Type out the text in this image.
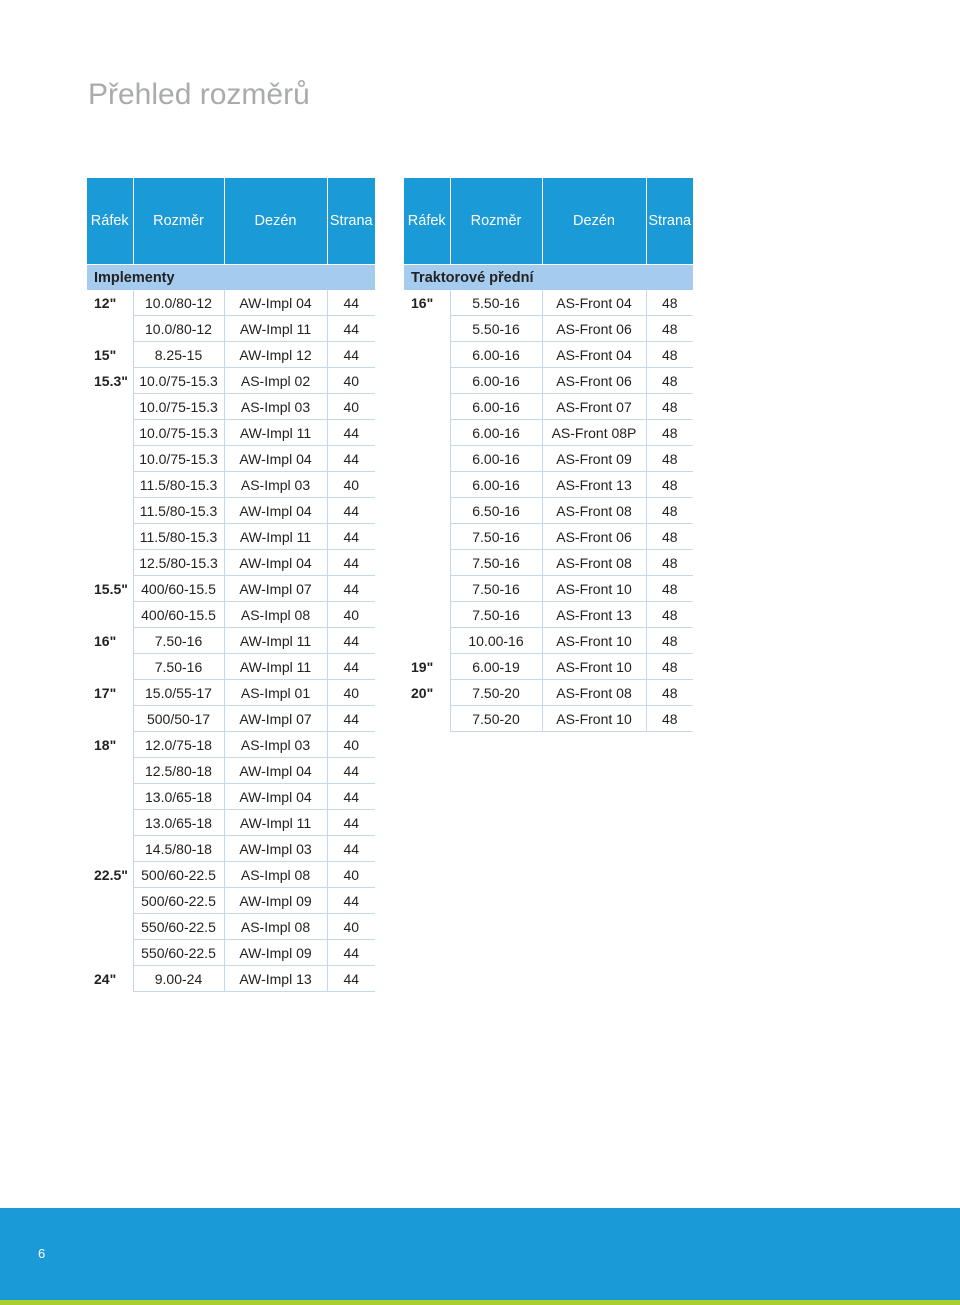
Přehled rozměrů
Ráfek	Rozměr	Dezén	Strana

Implementy			
12"	10.0/80-12	AW-Impl 04	44
	10.0/80-12	AW-Impl 11	44
15"	8.25-15	AW-Impl 12	44
15.3"	10.0/75-15.3	AS-Impl 02	40
	10.0/75-15.3	AS-Impl 03	40
	10.0/75-15.3	AW-Impl 11	44
	10.0/75-15.3	AW-Impl 04	44
	11.5/80-15.3	AS-Impl 03	40
	11.5/80-15.3	AW-Impl 04	44
	11.5/80-15.3	AW-Impl 11	44
	12.5/80-15.3	AW-Impl 04	44
15.5"	400/60-15.5	AW-Impl 07	44
	400/60-15.5	AS-Impl 08	40
16"	7.50-16	AW-Impl 11	44
	7.50-16	AW-Impl 11	44
17"	15.0/55-17	AS-Impl 01	40
	500/50-17	AW-Impl 07	44
18"	12.0/75-18	AS-Impl 03	40
	12.5/80-18	AW-Impl 04	44
	13.0/65-18	AW-Impl 04	44
	13.0/65-18	AW-Impl 11	44
	14.5/80-18	AW-Impl 03	44
22.5"	500/60-22.5	AS-Impl 08	40
	500/60-22.5	AW-Impl 09	44
	550/60-22.5	AS-Impl 08	40
	550/60-22.5	AW-Impl 09	44
24"	9.00-24	AW-Impl 13	44
Ráfek	Rozměr	Dezén	Strana

Traktorové přední			
16"	5.50-16	AS-Front 04	48
	5.50-16	AS-Front 06	48
	6.00-16	AS-Front 04	48
	6.00-16	AS-Front 06	48
	6.00-16	AS-Front 07	48
	6.00-16	AS-Front 08P	48
	6.00-16	AS-Front 09	48
	6.00-16	AS-Front 13	48
	6.50-16	AS-Front 08	48
	7.50-16	AS-Front 06	48
	7.50-16	AS-Front 08	48
	7.50-16	AS-Front 10	48
	7.50-16	AS-Front 13	48
	10.00-16	AS-Front 10	48
19"	6.00-19	AS-Front 10	48
20"	7.50-20	AS-Front 08	48
	7.50-20	AS-Front 10	48
6
